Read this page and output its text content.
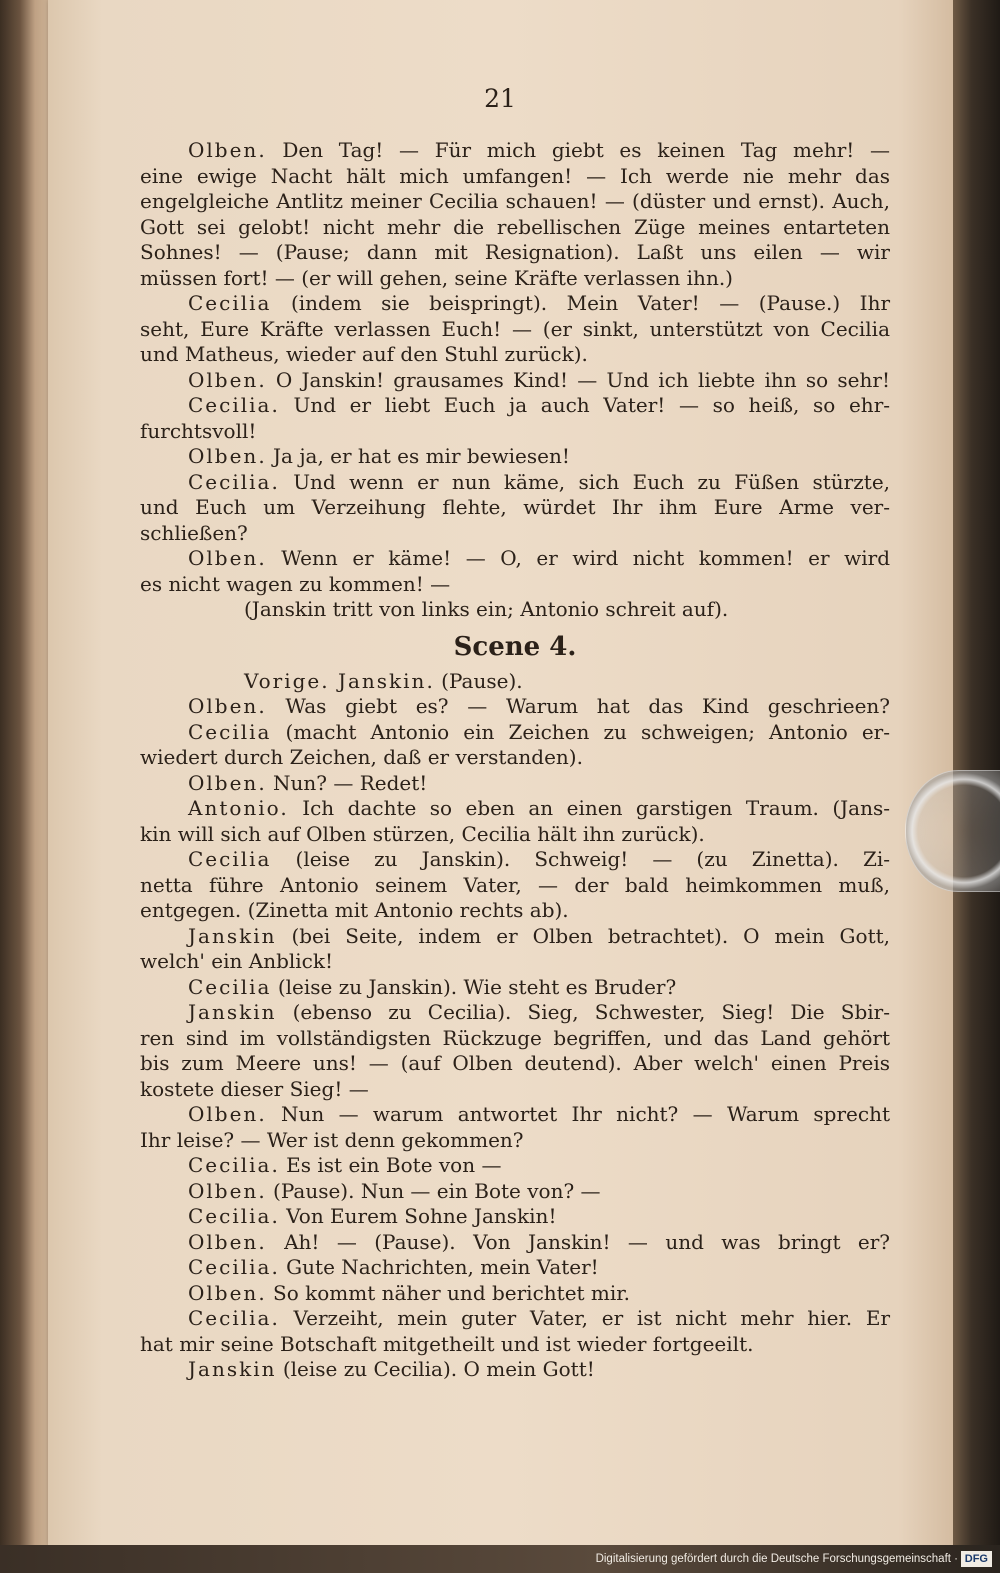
21
Olben. Den Tag! — Für mich giebt es keinen Tag mehr! —
eine ewige Nacht hält mich umfangen! — Ich werde nie mehr das
engelgleiche Antlitz meiner Cecilia schauen! — (düster und ernst). Auch,
Gott sei gelobt! nicht mehr die rebellischen Züge meines entarteten
Sohnes! — (Pause; dann mit Resignation). Laßt uns eilen — wir
müssen fort! — (er will gehen, seine Kräfte verlassen ihn.)
Cecilia (indem sie beispringt). Mein Vater! — (Pause.) Ihr
seht, Eure Kräfte verlassen Euch! — (er sinkt, unterstützt von Cecilia
und Matheus, wieder auf den Stuhl zurück).
Olben. O Janskin! grausames Kind! — Und ich liebte ihn so sehr!
Cecilia. Und er liebt Euch ja auch Vater! — so heiß, so ehr-
furchtsvoll!
Olben. Ja ja, er hat es mir bewiesen!
Cecilia. Und wenn er nun käme, sich Euch zu Füßen stürzte,
und Euch um Verzeihung flehte, würdet Ihr ihm Eure Arme ver-
schließen?
Olben. Wenn er käme! — O, er wird nicht kommen! er wird
es nicht wagen zu kommen! —
(Janskin tritt von links ein; Antonio schreit auf).
Scene 4.
Vorige. Janskin. (Pause).
Olben. Was giebt es? — Warum hat das Kind geschrieen?
Cecilia (macht Antonio ein Zeichen zu schweigen; Antonio er-
wiedert durch Zeichen, daß er verstanden).
Olben. Nun? — Redet!
Antonio. Ich dachte so eben an einen garstigen Traum. (Jans-
kin will sich auf Olben stürzen, Cecilia hält ihn zurück).
Cecilia (leise zu Janskin). Schweig! — (zu Zinetta). Zi-
netta führe Antonio seinem Vater, — der bald heimkommen muß,
entgegen. (Zinetta mit Antonio rechts ab).
Janskin (bei Seite, indem er Olben betrachtet). O mein Gott,
welch' ein Anblick!
Cecilia (leise zu Janskin). Wie steht es Bruder?
Janskin (ebenso zu Cecilia). Sieg, Schwester, Sieg! Die Sbir-
ren sind im vollständigsten Rückzuge begriffen, und das Land gehört
bis zum Meere uns! — (auf Olben deutend). Aber welch' einen Preis
kostete dieser Sieg! —
Olben. Nun — warum antwortet Ihr nicht? — Warum sprecht
Ihr leise? — Wer ist denn gekommen?
Cecilia. Es ist ein Bote von —
Olben. (Pause). Nun — ein Bote von? —
Cecilia. Von Eurem Sohne Janskin!
Olben. Ah! — (Pause). Von Janskin! — und was bringt er?
Cecilia. Gute Nachrichten, mein Vater!
Olben. So kommt näher und berichtet mir.
Cecilia. Verzeiht, mein guter Vater, er ist nicht mehr hier. Er
hat mir seine Botschaft mitgetheilt und ist wieder fortgeeilt.
Janskin (leise zu Cecilia). O mein Gott!
Digitalisierung gefördert durch die Deutsche Forschungsgemeinschaft · DFG
